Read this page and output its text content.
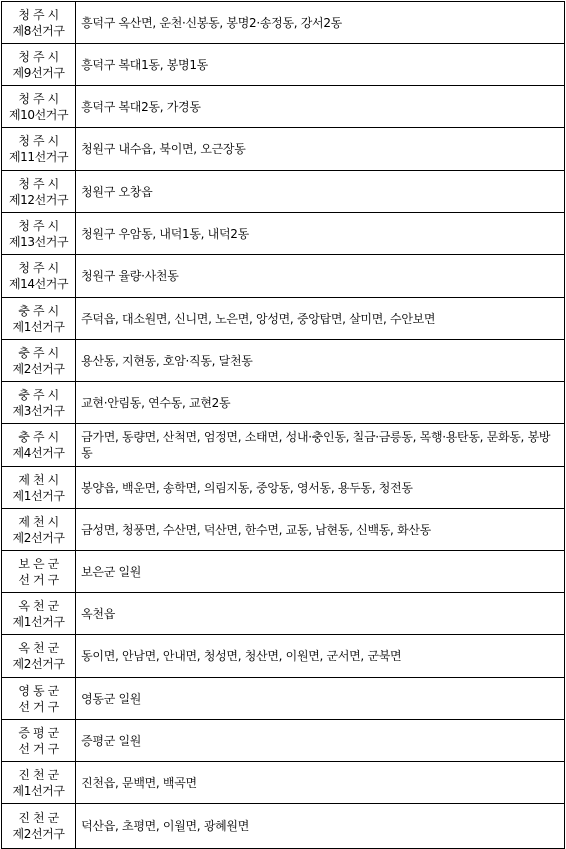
청 주 시
제8선거구	흥덕구 옥산면, 운천·신봉동, 봉명2·송정동, 강서2동

청 주 시
제9선거구	흥덕구 복대1동, 봉명1동

청 주 시
제10선거구	흥덕구 복대2동, 가경동

청 주 시
제11선거구	청원구 내수읍, 북이면, 오근장동

청 주 시
제12선거구	청원구 오창읍

청 주 시
제13선거구	청원구 우암동, 내덕1동, 내덕2동

청 주 시
제14선거구	청원구 율량·사천동

충 주 시
제1선거구	주덕읍, 대소원면, 신니면, 노은면, 앙성면, 중앙탑면, 살미면, 수안보면

충 주 시
제2선거구	용산동, 지현동, 호암·직동, 달천동

충 주 시
제3선거구	교현·안림동, 연수동, 교현2동

충 주 시
제4선거구	금가면, 동량면, 산척면, 엄정면, 소태면, 성내·충인동, 칠금·금릉동, 목행·용탄동, 문화동, 봉방동

제 천 시
제1선거구	봉양읍, 백운면, 송학면, 의림지동, 중앙동, 영서동, 용두동, 청전동

제 천 시
제2선거구	금성면, 청풍면, 수산면, 덕산면, 한수면, 교동, 남현동, 신백동, 화산동

보 은 군
선 거 구	보은군 일원

옥 천 군
제1선거구	옥천읍

옥 천 군
제2선거구	동이면, 안남면, 안내면, 청성면, 청산면, 이원면, 군서면, 군북면

영 동 군
선 거 구	영동군 일원

증 평 군
선 거 구	증평군 일원

진 천 군
제1선거구	진천읍, 문백면, 백곡면

진 천 군
제2선거구	덕산읍, 초평면, 이월면, 광혜원면
